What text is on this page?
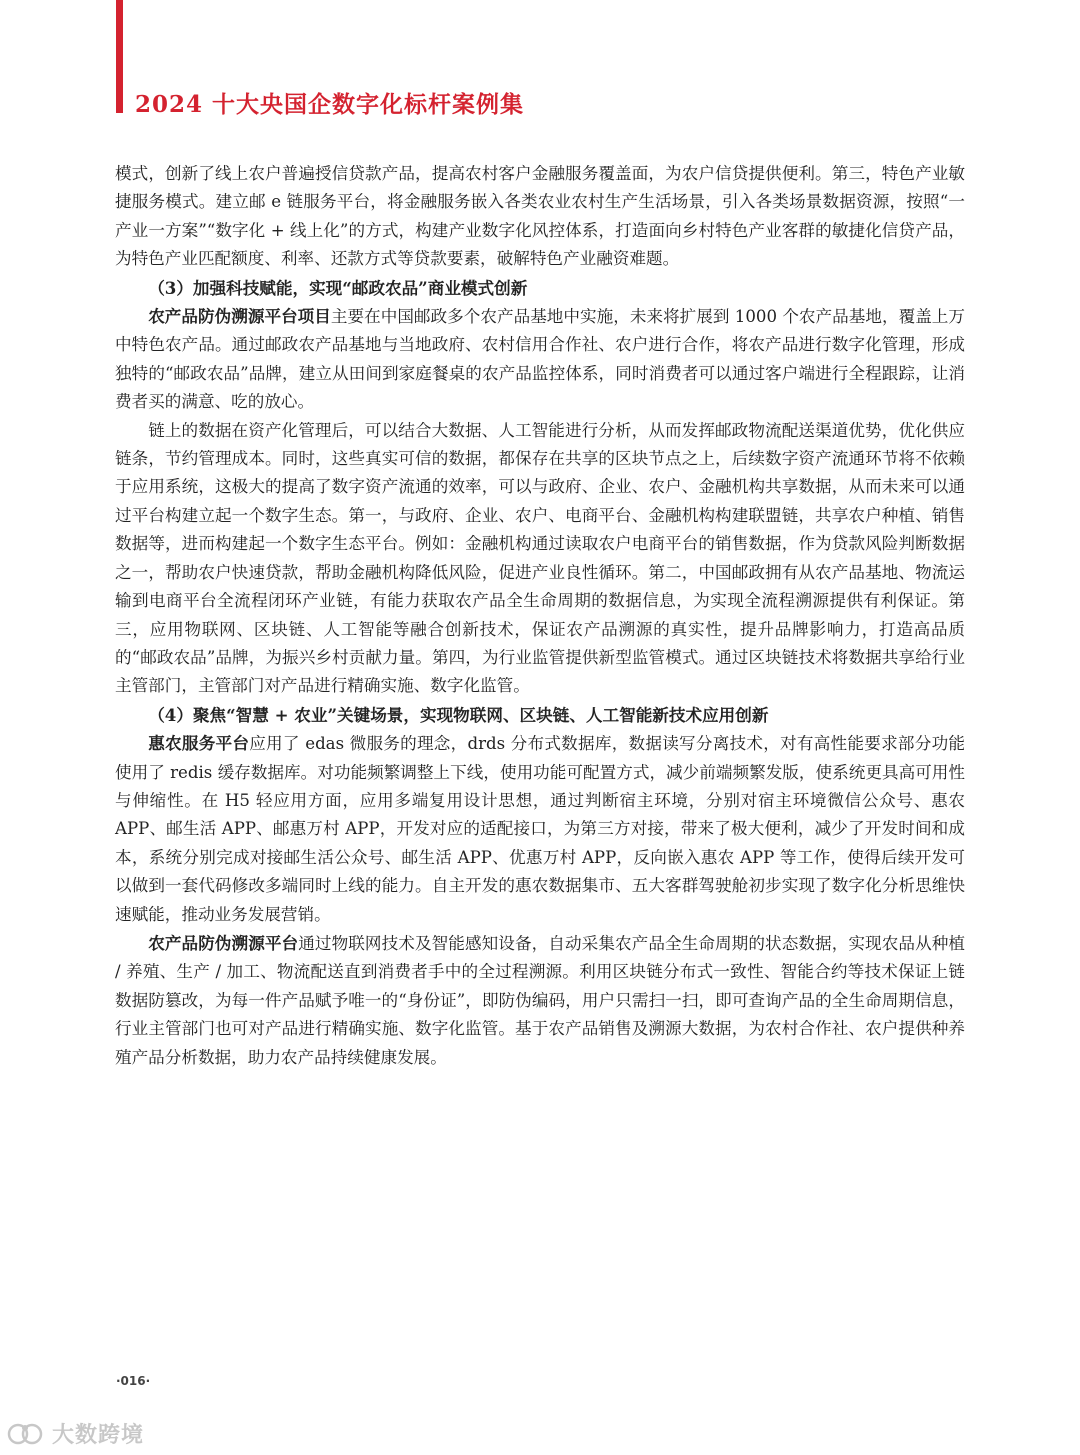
2024 十大央国企数字化标杆案例集

模式，创新了线上农户普遍授信贷款产品，提高农村客户金融服务覆盖面，为农户信贷提供便利。第三，特色产业敏捷服务模式。建立邮 e 链服务平台，将金融服务嵌入各类农业农村生产生活场景，引入各类场景数据资源，按照“一产业一方案”“数字化 + 线上化”的方式，构建产业数字化风控体系，打造面向乡村特色产业客群的敏捷化信贷产品，为特色产业匹配额度、利率、还款方式等贷款要素，破解特色产业融资难题。

（3）加强科技赋能，实现“邮政农品”商业模式创新

农产品防伪溯源平台项目主要在中国邮政多个农产品基地中实施，未来将扩展到 1000 个农产品基地，覆盖上万中特色农产品。通过邮政农产品基地与当地政府、农村信用合作社、农户进行合作，将农产品进行数字化管理，形成独特的“邮政农品”品牌，建立从田间到家庭餐桌的农产品监控体系，同时消费者可以通过客户端进行全程跟踪，让消费者买的满意、吃的放心。

链上的数据在资产化管理后，可以结合大数据、人工智能进行分析，从而发挥邮政物流配送渠道优势，优化供应链条，节约管理成本。同时，这些真实可信的数据，都保存在共享的区块节点之上，后续数字资产流通环节将不依赖于应用系统，这极大的提高了数字资产流通的效率，可以与政府、企业、农户、金融机构共享数据，从而未来可以通过平台构建立起一个数字生态。第一，与政府、企业、农户、电商平台、金融机构构建联盟链，共享农户种植、销售数据等，进而构建起一个数字生态平台。例如：金融机构通过读取农户电商平台的销售数据，作为贷款风险判断数据之一，帮助农户快速贷款，帮助金融机构降低风险，促进产业良性循环。第二，中国邮政拥有从农产品基地、物流运输到电商平台全流程闭环产业链，有能力获取农产品全生命周期的数据信息，为实现全流程溯源提供有利保证。第三，应用物联网、区块链、人工智能等融合创新技术，保证农产品溯源的真实性，提升品牌影响力，打造高品质的“邮政农品”品牌，为振兴乡村贡献力量。第四，为行业监管提供新型监管模式。通过区块链技术将数据共享给行业主管部门，主管部门对产品进行精确实施、数字化监管。

（4）聚焦“智慧 + 农业”关键场景，实现物联网、区块链、人工智能新技术应用创新

惠农服务平台应用了 edas 微服务的理念，drds 分布式数据库，数据读写分离技术，对有高性能要求部分功能使用了 redis 缓存数据库。对功能频繁调整上下线，使用功能可配置方式，减少前端频繁发版，使系统更具高可用性与伸缩性。在 H5 轻应用方面，应用多端复用设计思想，通过判断宿主环境，分别对宿主环境微信公众号、惠农 APP、邮生活 APP、邮惠万村 APP，开发对应的适配接口，为第三方对接，带来了极大便利，减少了开发时间和成本，系统分别完成对接邮生活公众号、邮生活 APP、优惠万村 APP，反向嵌入惠农 APP 等工作，使得后续开发可以做到一套代码修改多端同时上线的能力。自主开发的惠农数据集市、五大客群驾驶舱初步实现了数字化分析思维快速赋能，推动业务发展营销。

农产品防伪溯源平台通过物联网技术及智能感知设备，自动采集农产品全生命周期的状态数据，实现农品从种植 / 养殖、生产 / 加工、物流配送直到消费者手中的全过程溯源。利用区块链分布式一致性、智能合约等技术保证上链数据防篡改，为每一件产品赋予唯一的“身份证”，即防伪编码，用户只需扫一扫，即可查询产品的全生命周期信息，行业主管部门也可对产品进行精确实施、数字化监管。基于农产品销售及溯源大数据，为农村合作社、农户提供种养殖产品分析数据，助力农产品持续健康发展。

·016·
大数跨境
